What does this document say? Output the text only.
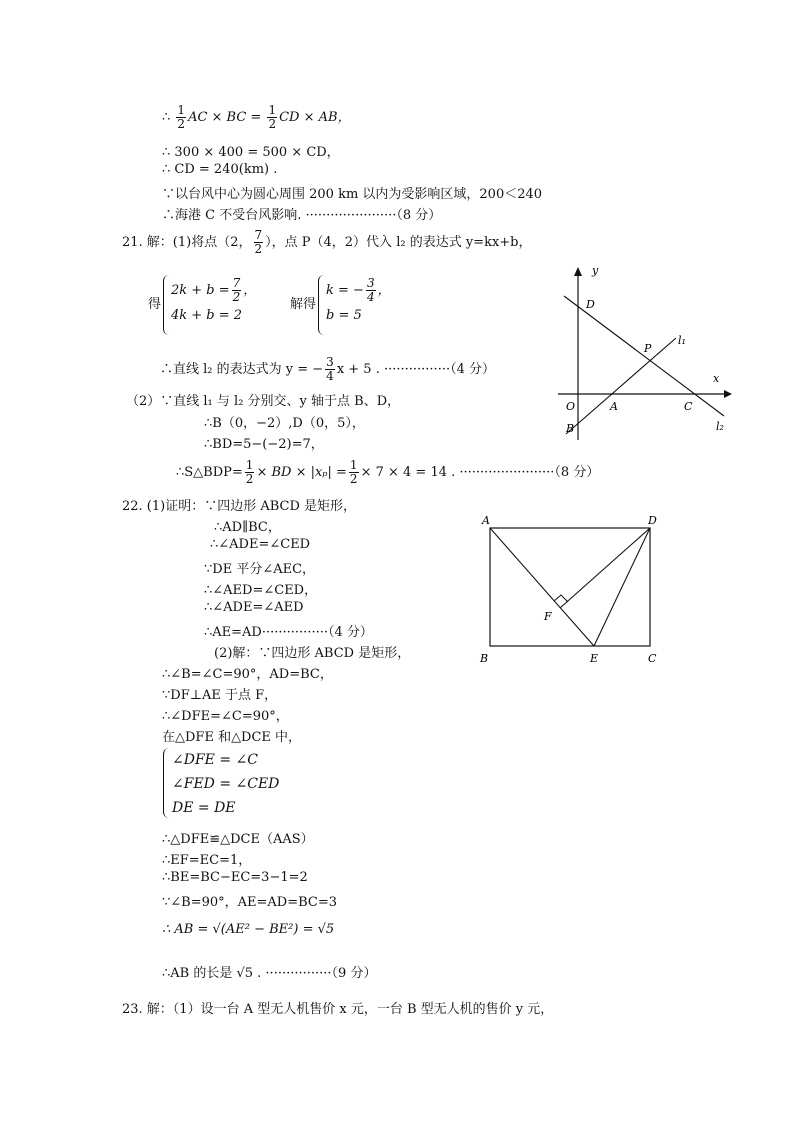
∴ $\frac{1}{2}$ AC × BC = $\frac{1}{2}$ CD × AB，
∴ 300 × 400 = 500 × CD，
∴ CD = 240(km) .
∵以台风中心为圆心周围 200 km 以内为受影响区域，200＜240
∴海港 C 不受台风影响. ······················（8 分）
21. 解：(1)将点（2， $\frac{7}{2}$ ），点 P（4，2）代入 l₂ 的表达式 y=kx+b，
得
$2k + b = \frac{7}{2}$ ，
4k + b = 2
解得
k = − $\frac{3}{4}$ ，
b = 5
∴直线 l₂ 的表达式为 y = − $\frac{3}{4}$ x + 5 . ················（4 分）
（2）∵直线 l₁ 与 l₂ 分别交、y 轴于点 B、D，
∴B（0，−2）,D（0，5），
∴BD=5−(−2)=7，
∴S△BDP= $\frac{1}{2}$ × BD × $|x_p| = \frac{1}{2} \times 7 \times 4 = 14$ . ·······················（8 分）
y
x
D
P
l₁
O	A	C
B	l₂
22. (1)证明：∵四边形 ABCD 是矩形，
∴AD∥BC，
∴∠ADE=∠CED
∵DE 平分∠AEC，
∴∠AED=∠CED，
∴∠ADE=∠AED
∴AE=AD················（4 分）
(2)解：∵四边形 ABCD 是矩形，
∴∠B=∠C=90°，AD=BC，
∵DF⊥AE 于点 F，
∴∠DFE=∠C=90°，
在△DFE 和△DCE 中，
∠DFE = ∠C
∠FED = ∠CED
DE = DE
∴△DFE≌△DCE（AAS）
∴EF=EC=1，
∴BE=BC−EC=3−1=2
∵∠B=90°，AE=AD=BC=3
∴ AB = √(AE² − BE²) = √5
∴AB 的长是 √5 . ················（9 分）
A	D
F
B	E	C
23. 解：（1）设一台 A 型无人机售价 x 元，一台 B 型无人机的售价 y 元，
